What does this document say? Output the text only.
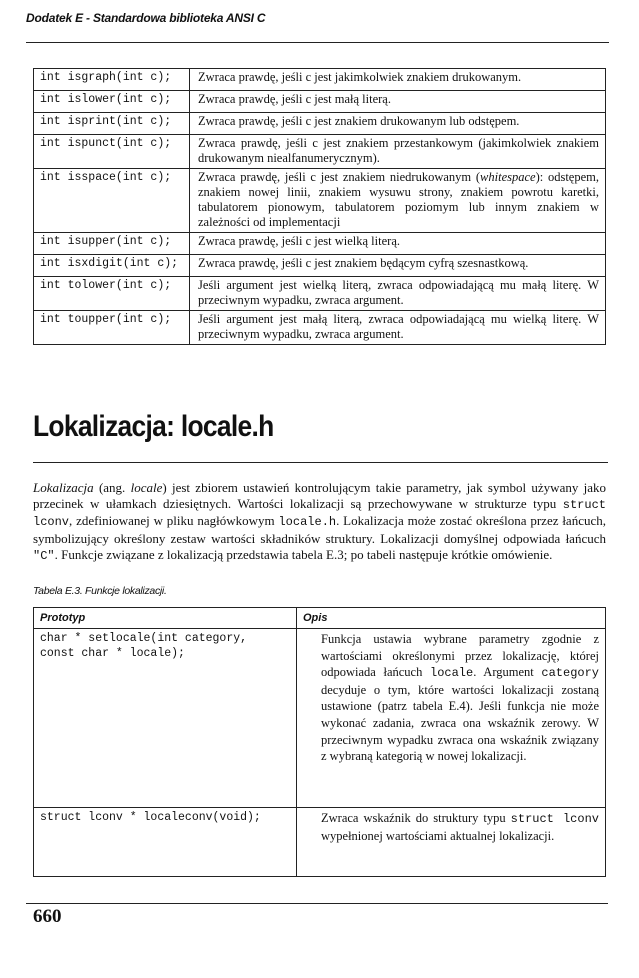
Dodatek E - Standardowa biblioteka ANSI C
int isgraph(int c);	Zwraca prawdę, jeśli c jest jakimkolwiek znakiem drukowanym.
int islower(int c);	Zwraca prawdę, jeśli c jest małą literą.
int isprint(int c);	Zwraca prawdę, jeśli c jest znakiem drukowanym lub odstępem.
int ispunct(int c);	Zwraca prawdę, jeśli c jest znakiem przestankowym (jakimkolwiek znakiem drukowanym niealfanumerycznym).
int isspace(int c);	Zwraca prawdę, jeśli c jest znakiem niedrukowanym (whitespace): odstępem, znakiem nowej linii, znakiem wysuwu strony, znakiem powrotu karetki, tabulatorem pionowym, tabulatorem poziomym lub innym znakiem w zależności od implementacji
int isupper(int c);	Zwraca prawdę, jeśli c jest wielką literą.
int isxdigit(int c);	Zwraca prawdę, jeśli c jest znakiem będącym cyfrą szesnastkową.
int tolower(int c);	Jeśli argument jest wielką literą, zwraca odpowiadającą mu małą literę. W przeciwnym wypadku, zwraca argument.
int toupper(int c);	Jeśli argument jest małą literą, zwraca odpowiadającą mu wielką literę. W przeciwnym wypadku, zwraca argument.
Lokalizacja: locale.h
Lokalizacja (ang. locale) jest zbiorem ustawień kontrolującym takie parametry, jak symbol używany jako przecinek w ułamkach dziesiętnych. Wartości lokalizacji są przechowywane w strukturze typu struct lconv, zdefiniowanej w pliku nagłówkowym locale.h. Lokalizacja może zostać określona przez łańcuch, symbolizujący określony zestaw wartości składników struktury. Lokalizacji domyślnej odpowiada łańcuch "C". Funkcje związane z lokalizacją przedstawia tabela E.3; po tabeli następuje krótkie omówienie.
Tabela E.3. Funkcje lokalizacji.
Prototyp	Opis
char * setlocale(int category,
const char * locale);	Funkcja ustawia wybrane parametry zgodnie z wartościami określonymi przez lokalizację, której odpowiada łańcuch locale. Argument category decyduje o tym, które wartości lokalizacji zostaną ustawione (patrz tabela E.4). Jeśli funkcja nie może wykonać zadania, zwraca ona wskaźnik zerowy. W przeciwnym wypadku zwraca ona wskaźnik związany z wybraną kategorią w nowej lokalizacji.
struct lconv * localeconv(void);	Zwraca wskaźnik do struktury typu struct lconv wypełnionej wartościami aktualnej lokalizacji.
660
